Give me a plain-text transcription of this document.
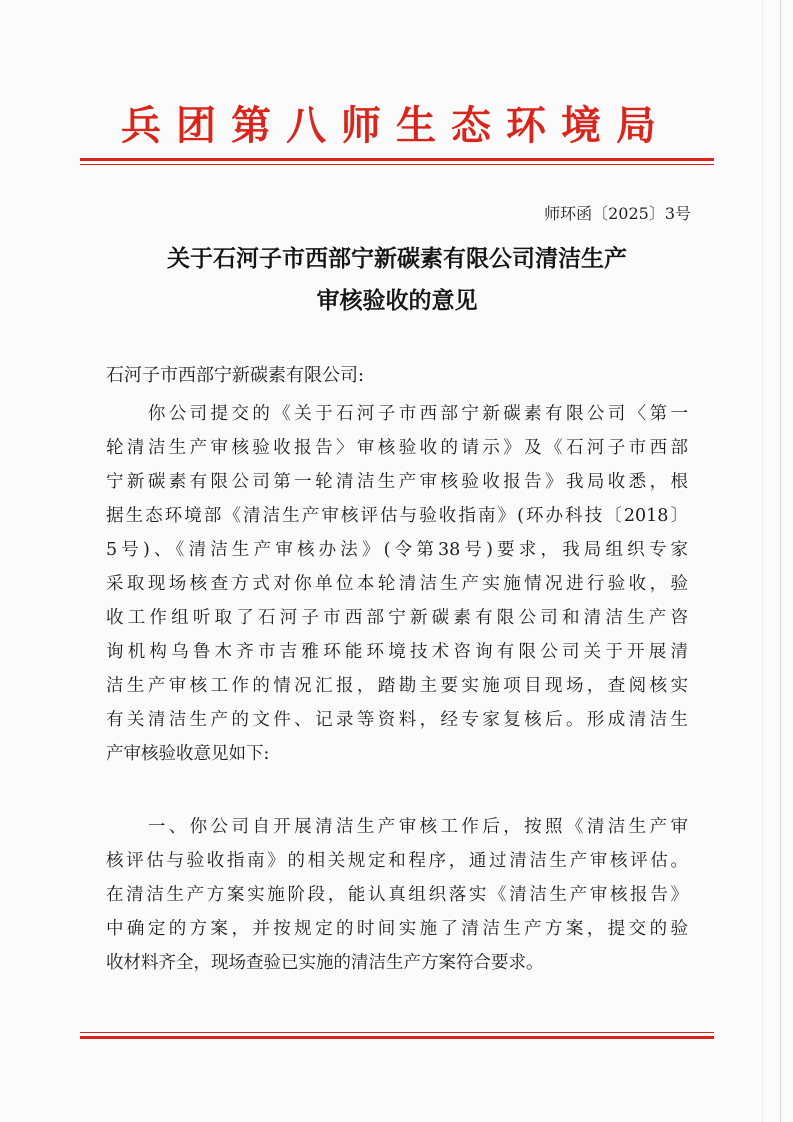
兵团第八师生态环境局
师环函〔2025〕3号
关于石河子市西部宁新碳素有限公司清洁生产
审核验收的意见
石河子市西部宁新碳素有限公司:
　　你公司提交的《关于石河子市西部宁新碳素有限公司〈第一
轮清洁生产审核验收报告〉审核验收的请示》及《石河子市西部
宁新碳素有限公司第一轮清洁生产审核验收报告》我局收悉，根
据生态环境部《清洁生产审核评估与验收指南》(环办科技〔2018〕
5号)、《清洁生产审核办法》(令第38号)要求，我局组织专家
采取现场核查方式对你单位本轮清洁生产实施情况进行验收，验
收工作组听取了石河子市西部宁新碳素有限公司和清洁生产咨
询机构乌鲁木齐市吉雅环能环境技术咨询有限公司关于开展清
洁生产审核工作的情况汇报，踏勘主要实施项目现场，查阅核实
有关清洁生产的文件、记录等资料，经专家复核后。形成清洁生
产审核验收意见如下:
　　一、你公司自开展清洁生产审核工作后，按照《清洁生产审
核评估与验收指南》的相关规定和程序，通过清洁生产审核评估。
在清洁生产方案实施阶段，能认真组织落实《清洁生产审核报告》
中确定的方案，并按规定的时间实施了清洁生产方案，提交的验
收材料齐全，现场查验已实施的清洁生产方案符合要求。
